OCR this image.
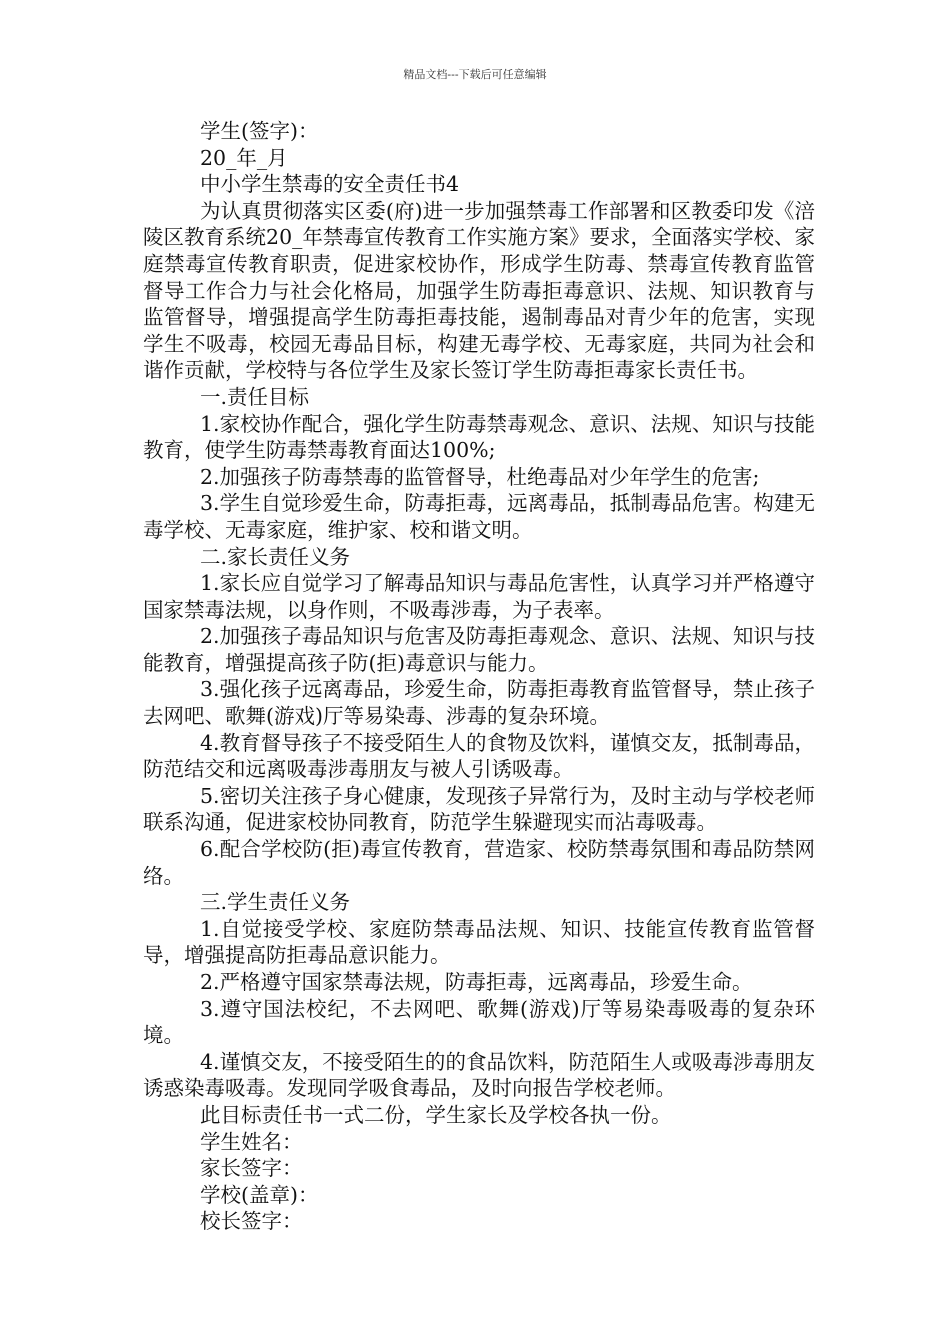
精品文档---下载后可任意编辑

学生(签字)：

20_年_月

中小学生禁毒的安全责任书4

为认真贯彻落实区委(府)进一步加强禁毒工作部署和区教委印发《涪陵区教育系统20_年禁毒宣传教育工作实施方案》要求，全面落实学校、家庭禁毒宣传教育职责，促进家校协作，形成学生防毒、禁毒宣传教育监管督导工作合力与社会化格局，加强学生防毒拒毒意识、法规、知识教育与监管督导，增强提高学生防毒拒毒技能，遏制毒品对青少年的危害，实现学生不吸毒，校园无毒品目标，构建无毒学校、无毒家庭，共同为社会和谐作贡献，学校特与各位学生及家长签订学生防毒拒毒家长责任书。

一.责任目标

1.家校协作配合，强化学生防毒禁毒观念、意识、法规、知识与技能教育，使学生防毒禁毒教育面达100%;

2.加强孩子防毒禁毒的监管督导，杜绝毒品对少年学生的危害;

3.学生自觉珍爱生命，防毒拒毒，远离毒品，抵制毒品危害。构建无毒学校、无毒家庭，维护家、校和谐文明。

二.家长责任义务

1.家长应自觉学习了解毒品知识与毒品危害性，认真学习并严格遵守国家禁毒法规，以身作则，不吸毒涉毒，为子表率。

2.加强孩子毒品知识与危害及防毒拒毒观念、意识、法规、知识与技能教育，增强提高孩子防(拒)毒意识与能力。

3.强化孩子远离毒品，珍爱生命，防毒拒毒教育监管督导，禁止孩子去网吧、歌舞(游戏)厅等易染毒、涉毒的复杂环境。

4.教育督导孩子不接受陌生人的食物及饮料，谨慎交友，抵制毒品，防范结交和远离吸毒涉毒朋友与被人引诱吸毒。

5.密切关注孩子身心健康，发现孩子异常行为，及时主动与学校老师联系沟通，促进家校协同教育，防范学生躲避现实而沾毒吸毒。

6.配合学校防(拒)毒宣传教育，营造家、校防禁毒氛围和毒品防禁网络。

三.学生责任义务

1.自觉接受学校、家庭防禁毒品法规、知识、技能宣传教育监管督导，增强提高防拒毒品意识能力。

2.严格遵守国家禁毒法规，防毒拒毒，远离毒品，珍爱生命。

3.遵守国法校纪，不去网吧、歌舞(游戏)厅等易染毒吸毒的复杂环境。

4.谨慎交友，不接受陌生的的食品饮料，防范陌生人或吸毒涉毒朋友诱惑染毒吸毒。发现同学吸食毒品，及时向报告学校老师。

此目标责任书一式二份，学生家长及学校各执一份。

学生姓名：

家长签字：

学校(盖章)：

校长签字：
